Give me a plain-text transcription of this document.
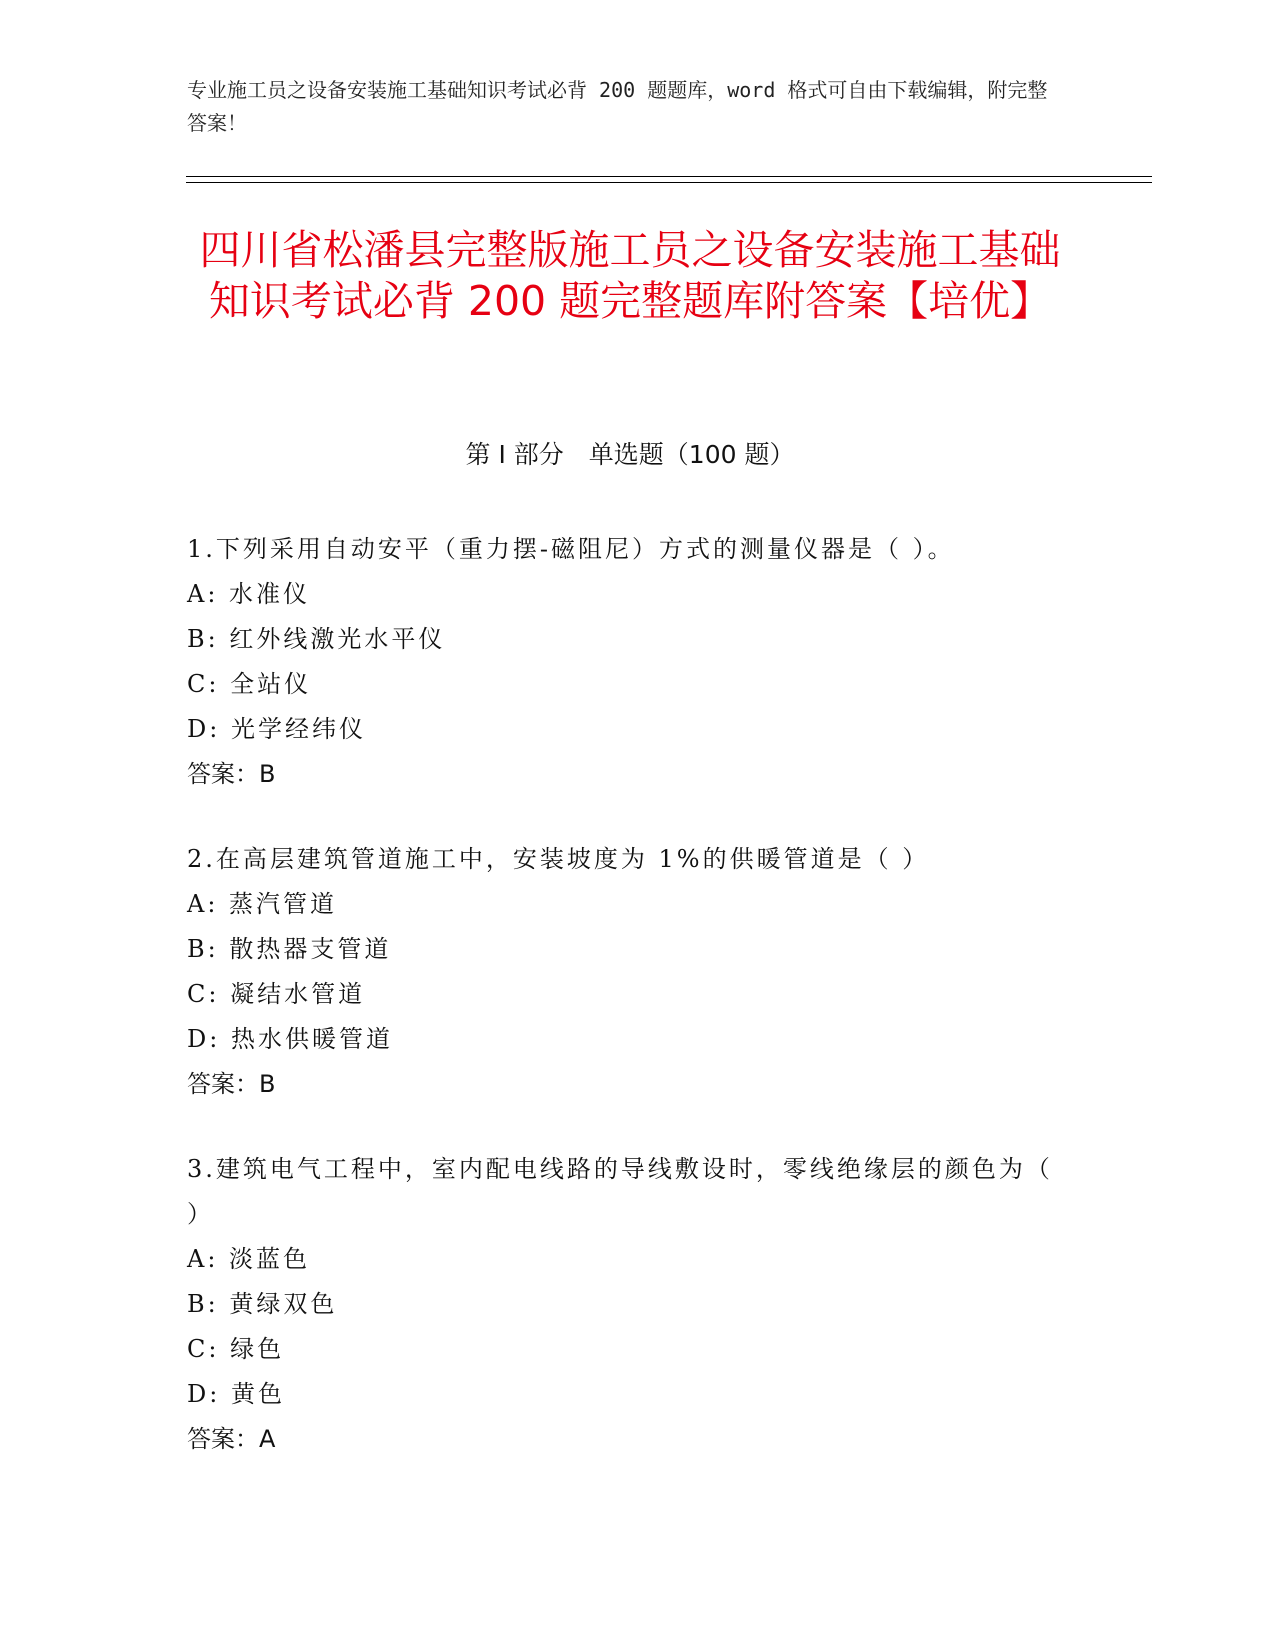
专业施工员之设备安装施工基础知识考试必背 200 题题库，word 格式可自由下载编辑，附完整答案！

四川省松潘县完整版施工员之设备安装施工基础知识考试必背 200 题完整题库附答案【培优】
第 I 部分　单选题（100 题）

1.下列采用自动安平（重力摆-磁阻尼）方式的测量仪器是（ ）。

A: 水准仪

B: 红外线激光水平仪

C: 全站仪

D: 光学经纬仪

答案：B

2.在高层建筑管道施工中，安装坡度为 1%的供暖管道是（ ）

A: 蒸汽管道

B: 散热器支管道

C: 凝结水管道

D: 热水供暖管道

答案：B

3.建筑电气工程中，室内配电线路的导线敷设时，零线绝缘层的颜色为（ ）

A: 淡蓝色

B: 黄绿双色

C: 绿色

D: 黄色

答案：A
